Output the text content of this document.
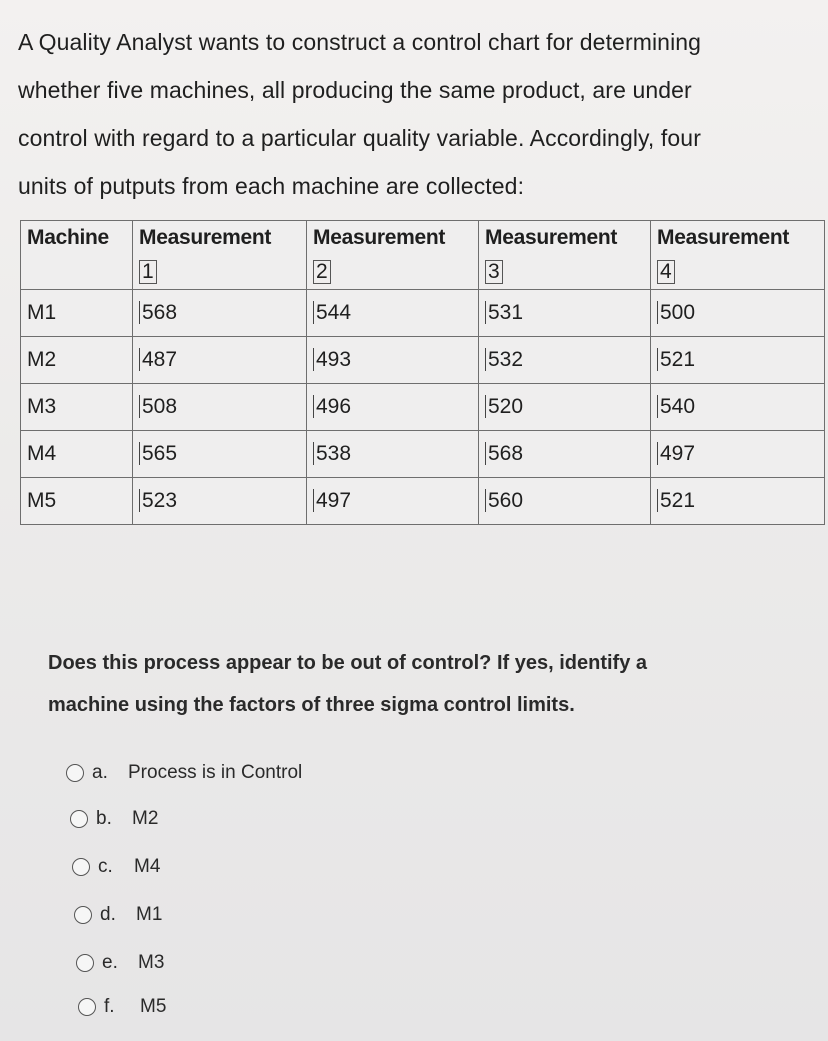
A Quality Analyst wants to construct a control chart for determining
whether five machines, all producing the same product, are under
control with regard to a particular quality variable. Accordingly, four
units of putputs from each machine are collected:
Machine	Measurement	Measurement	Measurement	Measurement
	1	2	3	4
M1	568	544	531	500
M2	487	493	532	521
M3	508	496	520	540
M4	565	538	568	497
M5	523	497	560	521
Does this process appear to be out of control? If yes, identify a
machine using the factors of three sigma control limits.
a.	Process is in Control
b.	M2
c.	M4
d.	M1
e.	M3
f.	M5
